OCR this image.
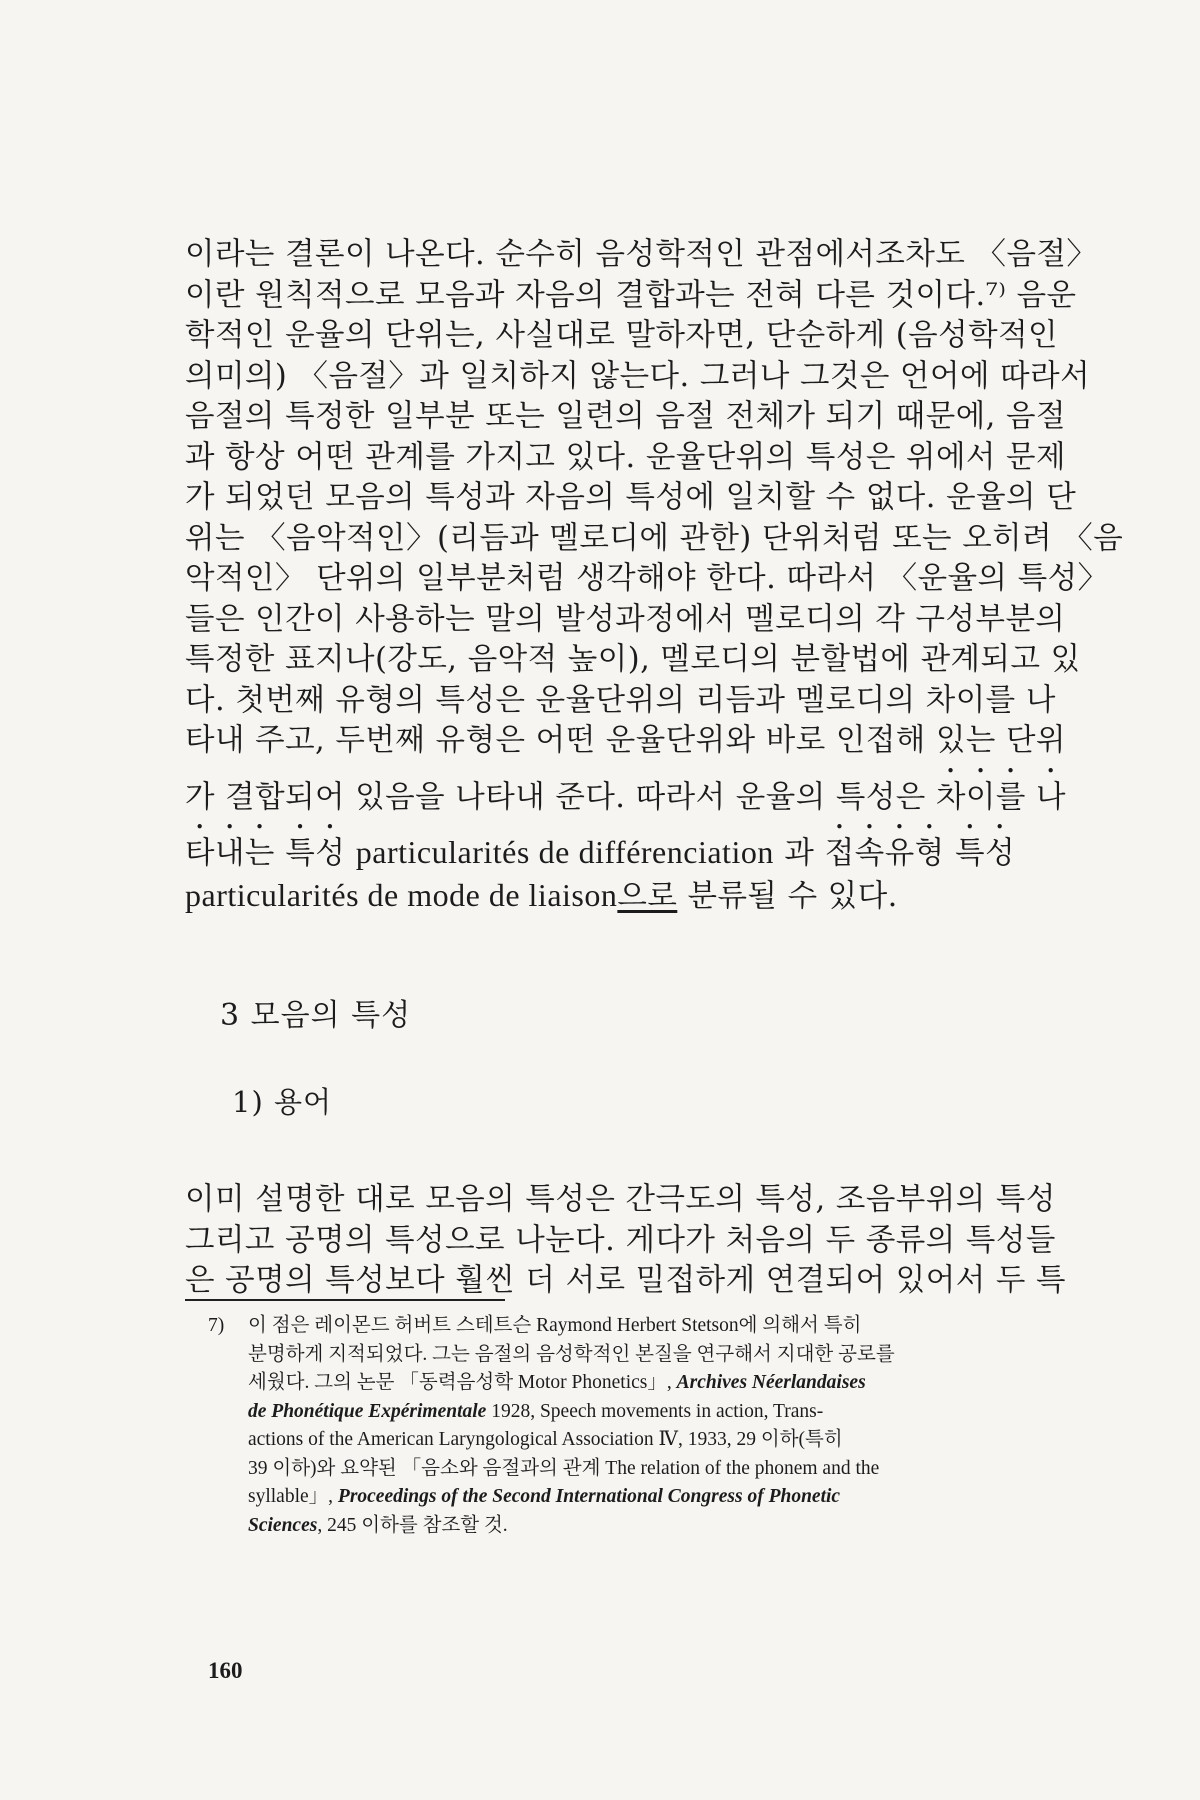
이라는 결론이 나온다. 순수히 음성학적인 관점에서조차도 〈음절〉
이란 원칙적으로 모음과 자음의 결합과는 전혀 다른 것이다.⁷⁾ 음운
학적인 운율의 단위는, 사실대로 말하자면, 단순하게 (음성학적인
의미의) 〈음절〉과 일치하지 않는다. 그러나 그것은 언어에 따라서
음절의 특정한 일부분 또는 일련의 음절 전체가 되기 때문에, 음절
과 항상 어떤 관계를 가지고 있다. 운율단위의 특성은 위에서 문제
가 되었던 모음의 특성과 자음의 특성에 일치할 수 없다. 운율의 단
위는 〈음악적인〉(리듬과 멜로디에 관한) 단위처럼 또는 오히려 〈음
악적인〉 단위의 일부분처럼 생각해야 한다. 따라서 〈운율의 특성〉
들은 인간이 사용하는 말의 발성과정에서 멜로디의 각 구성부분의
특정한 표지나(강도, 음악적 높이), 멜로디의 분할법에 관계되고 있
다. 첫번째 유형의 특성은 운율단위의 리듬과 멜로디의 차이를 나
타내 주고, 두번째 유형은 어떤 운율단위와 바로 인접해 있는 단위
가 결합되어 있음을 나타내 준다. 따라서 운율의 특성은 차이를 나
타내는 특성 particularités de différenciation 과 접속유형 특성
particularités de mode de liaison으로 분류될 수 있다.
3 모음의 특성
1) 용어
이미 설명한 대로 모음의 특성은 간극도의 특성, 조음부위의 특성
그리고 공명의 특성으로 나눈다. 게다가 처음의 두 종류의 특성들
은 공명의 특성보다 훨씬 더 서로 밀접하게 연결되어 있어서 두 특
7) 이 점은 레이몬드 허버트 스테트슨 Raymond Herbert Stetson에 의해서 특히
분명하게 지적되었다. 그는 음절의 음성학적인 본질을 연구해서 지대한 공로를
세웠다. 그의 논문 「동력음성학 Motor Phonetics」, Archives Néerlandaises
de Phonétique Expérimentale 1928, Speech movements in action, Trans-
actions of the American Laryngological Association Ⅳ, 1933, 29 이하(특히
39 이하)와 요약된 「음소와 음절과의 관계 The relation of the phonem and the
syllable」, Proceedings of the Second International Congress of Phonetic
Sciences, 245 이하를 참조할 것.
160
